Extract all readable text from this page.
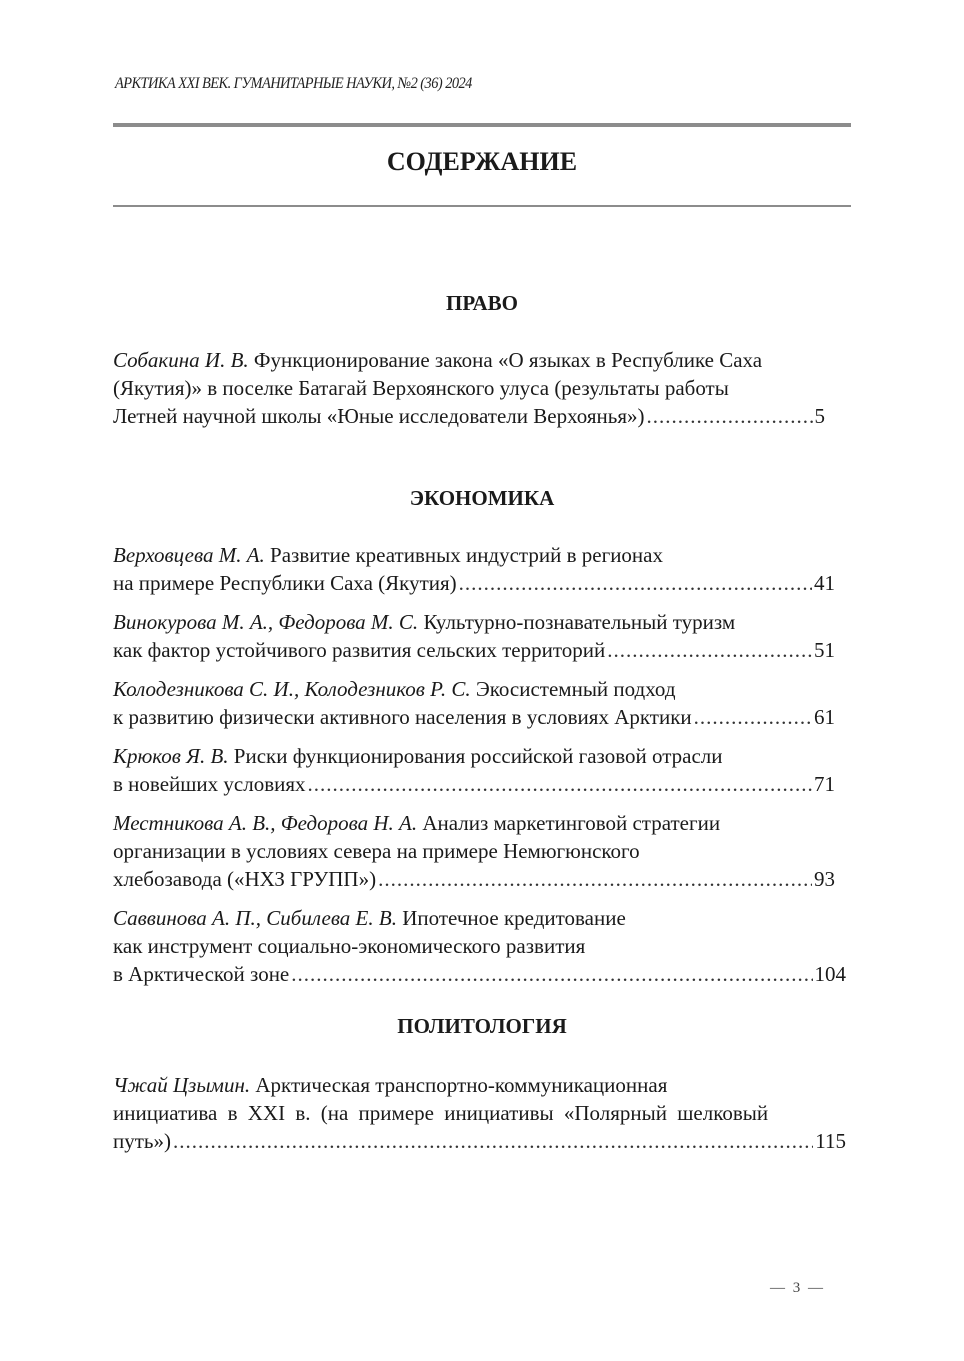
АРКТИКА XXI ВЕК. ГУМАНИТАРНЫЕ НАУКИ, №2 (36) 2024
СОДЕРЖАНИЕ
ПРАВО
Собакина И. В. Функционирование закона «О языках в Республике Саха
(Якутия)» в поселке Батагай Верхоянского улуса (результаты работы
Летней научной школы «Юные исследователи Верхоянья») .....	5
ЭКОНОМИКА
Верховцева М. А. Развитие креативных индустрий в регионах
на примере Республики Саха (Якутия) .....	41
Винокурова М. А., Федорова М. С. Культурно-познавательный туризм
как фактор устойчивого развития сельских территорий .....	51
Колодезникова С. И., Колодезников Р. С. Экосистемный подход
к развитию физически активного населения в условиях Арктики .....	61
Крюков Я. В. Риски функционирования российской газовой отрасли
в новейших условиях .....	71
Местникова А. В., Федорова Н. А. Анализ маркетинговой стратегии
организации в условиях севера на примере Немюгюнского
хлебозавода («НХЗ ГРУПП») .....	93
Саввинова А. П., Сибилева Е. В. Ипотечное кредитование
как инструмент социально-экономического развития
в Арктической зоне .....	104
ПОЛИТОЛОГИЯ
Чжай Цзымин. Арктическая транспортно-коммуникационная
инициатива в XXI в. (на примере инициативы «Полярный шелковый
путь») .....	115
— 3 —
